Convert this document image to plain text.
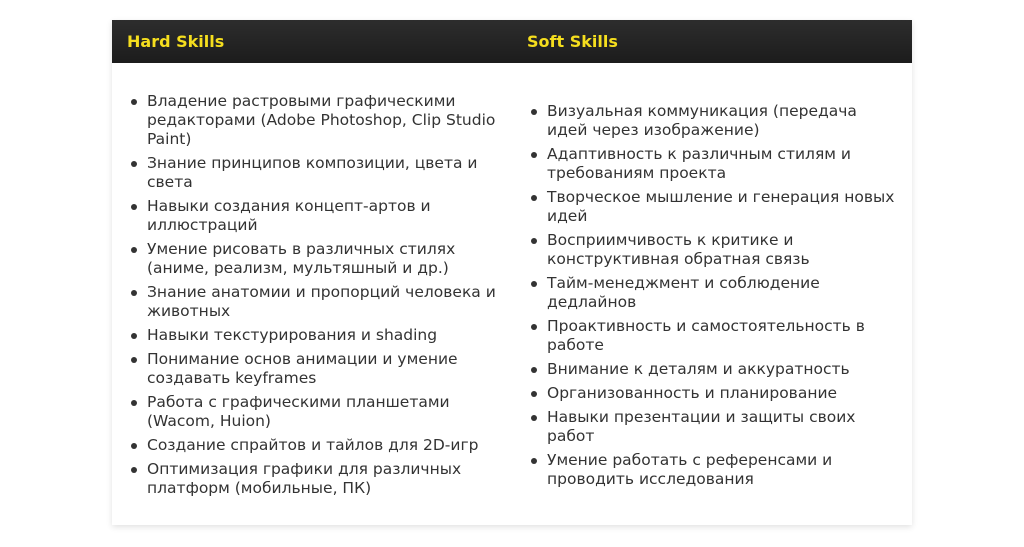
Hard Skills	Soft Skills
Владение растровыми графическими редакторами (Adobe Photoshop, Clip Studio Paint)
Знание принципов композиции, цвета и света
Навыки создания концепт-артов и иллюстраций
Умение рисовать в различных стилях (аниме, реализм, мультяшный и др.)
Знание анатомии и пропорций человека и животных
Навыки текстурирования и shading
Понимание основ анимации и умение создавать keyframes
Работа с графическими планшетами (Wacom, Huion)
Создание спрайтов и тайлов для 2D-игр
Оптимизация графики для различных платформ (мобильные, ПК)
Визуальная коммуникация (передача идей через изображение)
Адаптивность к различным стилям и требованиям проекта
Творческое мышление и генерация новых идей
Восприимчивость к критике и конструктивная обратная связь
Тайм-менеджмент и соблюдение дедлайнов
Проактивность и самостоятельность в работе
Внимание к деталям и аккуратность
Организованность и планирование
Навыки презентации и защиты своих работ
Умение работать с референсами и проводить исследования
